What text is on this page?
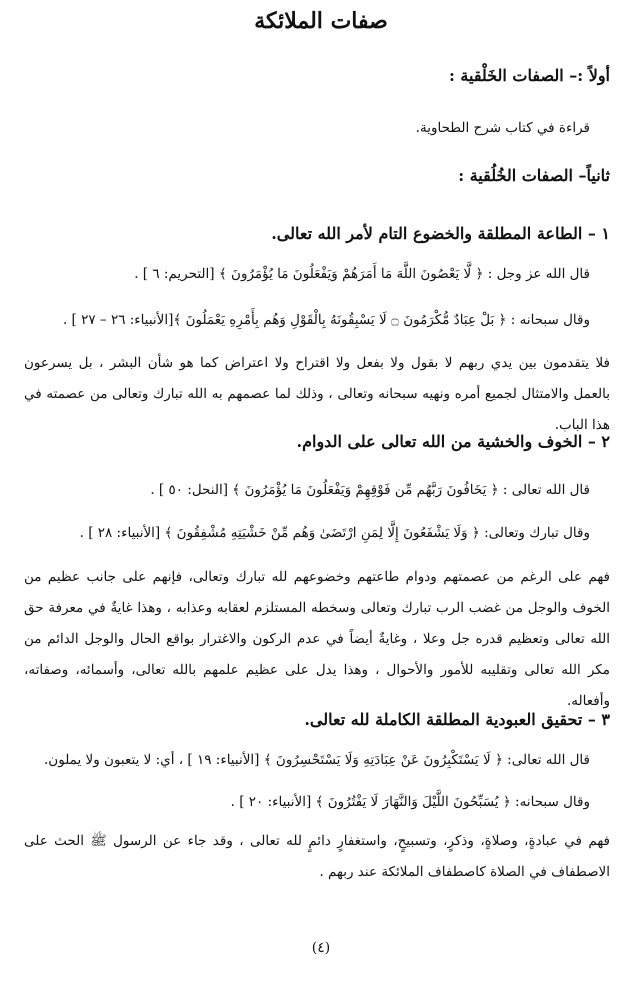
صفات الملائكة
أولاً :– الصفات الخَلْقية :
قراءة في كتاب شرح الطحاوية.
ثانياً– الصفات الخُلُقية :
١ – الطاعة المطلقة والخضوع التام لأمر الله تعالى.
قال الله عز وجل : ﴿ لَّا يَعْصُونَ اللَّهَ مَا أَمَرَهُمْ وَيَفْعَلُونَ مَا يُؤْمَرُونَ ﴾ [التحريم: ٦ ] .
وقال سبحانه : ﴿ بَلْ عِبَادٌ مُّكْرَمُونَ ۝ لَا يَسْبِقُونَهُ بِالْقَوْلِ وَهُم بِأَمْرِهِ يَعْمَلُونَ ﴾[الأنبياء: ٢٦ – ٢٧ ] .
فلا يتقدمون بين يدي ربهم لا بقول ولا بفعل ولا اقتراح ولا اعتراض كما هو شأن البشر ، بل يسرعون بالعمل والامتثال لجميع أمره ونهيه سبحانه وتعالى ، وذلك لما عصمهم به الله تبارك وتعالى من عصمته في هذا الباب.
٢ – الخوف والخشية من الله تعالى على الدوام.
قال الله تعالى : ﴿ يَخَافُونَ رَبَّهُم مِّن فَوْقِهِمْ وَيَفْعَلُونَ مَا يُؤْمَرُونَ ﴾ [النحل: ٥٠ ] .
وقال تبارك وتعالى: ﴿ وَلَا يَشْفَعُونَ إِلَّا لِمَنِ ارْتَضَىٰ وَهُم مِّنْ خَشْيَتِهِ مُشْفِقُونَ ﴾ [الأنبياء: ٢٨ ] .
فهم على الرغم من عصمتهم ودوام طاعتهم وخضوعهم لله تبارك وتعالى، فإنهم على جانب عظيم من الخوف والوجل من غضب الرب تبارك وتعالى وسخطه المستلزم لعقابه وعذابه ، وهذا غايةٌ في معرفة حق الله تعالى وتعظيم قدره جل وعلا ، وغايةٌ أيضاً في عدم الركون والاغترار بواقع الحال والوجل الدائم من مكر الله تعالى وتقليبه للأمور والأحوال ، وهذا يدل على عظيم علمهم بالله تعالى، وأسمائه، وصفاته، وأفعاله.
٣ – تحقيق العبودية المطلقة الكاملة لله تعالى.
قال الله تعالى: ﴿ لَا يَسْتَكْبِرُونَ عَنْ عِبَادَتِهِ وَلَا يَسْتَحْسِرُونَ ﴾ [الأنبياء: ١٩ ] ، أي: لا يتعبون ولا يملون.
وقال سبحانه: ﴿ يُسَبِّحُونَ اللَّيْلَ وَالنَّهَارَ لَا يَفْتُرُونَ ﴾ [الأنبياء: ٢٠ ] .
فهم في عبادةٍ، وصلاةٍ، وذكرٍ، وتسبيحٍ، واستغفارٍ دائمٍ لله تعالى ، وقد جاء عن الرسول ﷺ الحث على الاصطفاف في الصلاة كاصطفاف الملائكة عند ربهم .
(٤)
